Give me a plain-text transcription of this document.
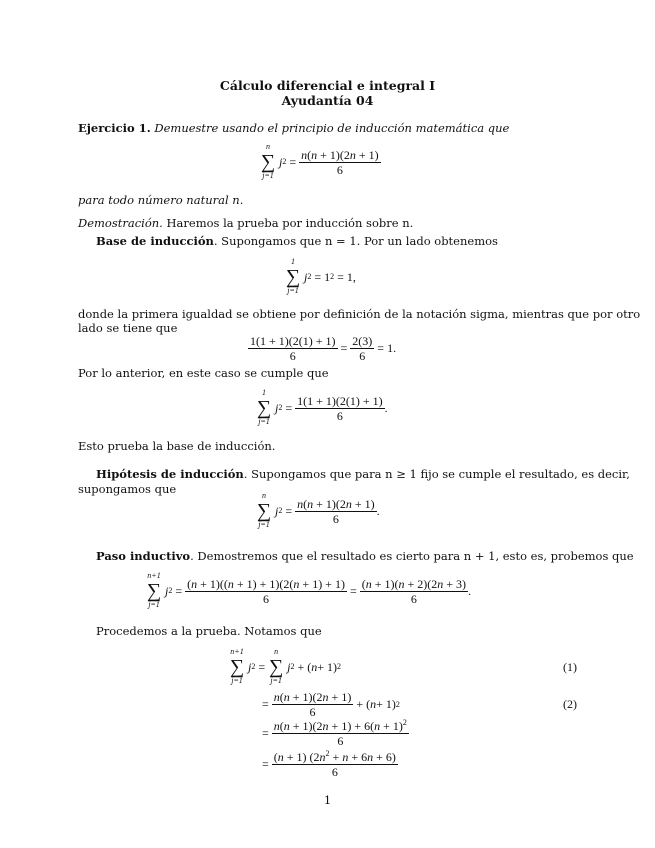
Cálculo diferencial e integral I
Ayudantía 04
Ejercicio 1. Demuestre usando el principio de inducción matemática que
n
∑
j=1
j $2 = \frac{n(n + 1)(2n + 1)}{6}$
para todo número natural n.
Demostración. Haremos la prueba por inducción sobre n.
Base de inducción. Supongamos que n = 1. Por un lado obtenemos
1
∑
j=1
j 2 = 1 2 = 1,
donde la primera igualdad se obtiene por definición de la notación sigma, mientras que por otro
lado se tiene que
$\frac{1(1 + 1)(2(1) + 1)}{6} = \frac{2(3)}{6} = 1$.
Por lo anterior, en este caso se cumple que
1
∑
j=1
j $2 = \frac{1(1 + 1)(2(1) + 1)}{6}$ .
Esto prueba la base de inducción.
Hipótesis de inducción. Supongamos que para n ≥ 1 fijo se cumple el resultado, es decir,
supongamos que	n
∑
j=1
j $2 = \frac{n(n + 1)(2n + 1)}{6}$ .
Paso inductivo. Demostremos que el resultado es cierto para n + 1, esto es, probemos que
n+1
∑
j=1
j $2 = \frac{(n + 1)((n + 1) + 1)(2(n + 1) + 1)}{6} = \frac{(n + 1)(n + 2)(2n + 3)}{6}$ .
Procedemos a la prueba. Notamos que
n+1
∑
j=1
j 2 =
n
∑
j=1
j 2 + ( n + 1) 2	(1)
= $\frac{n(n + 1)(2n + 1)}{6}$ + ( n + 1) 2	(2)
= $\frac{n(n + 1)(2n + 1) + 6(n + 1)^2}{6}$
= $\frac{(n + 1) (2n^2 + n + 6n + 6)}{6}$
1
